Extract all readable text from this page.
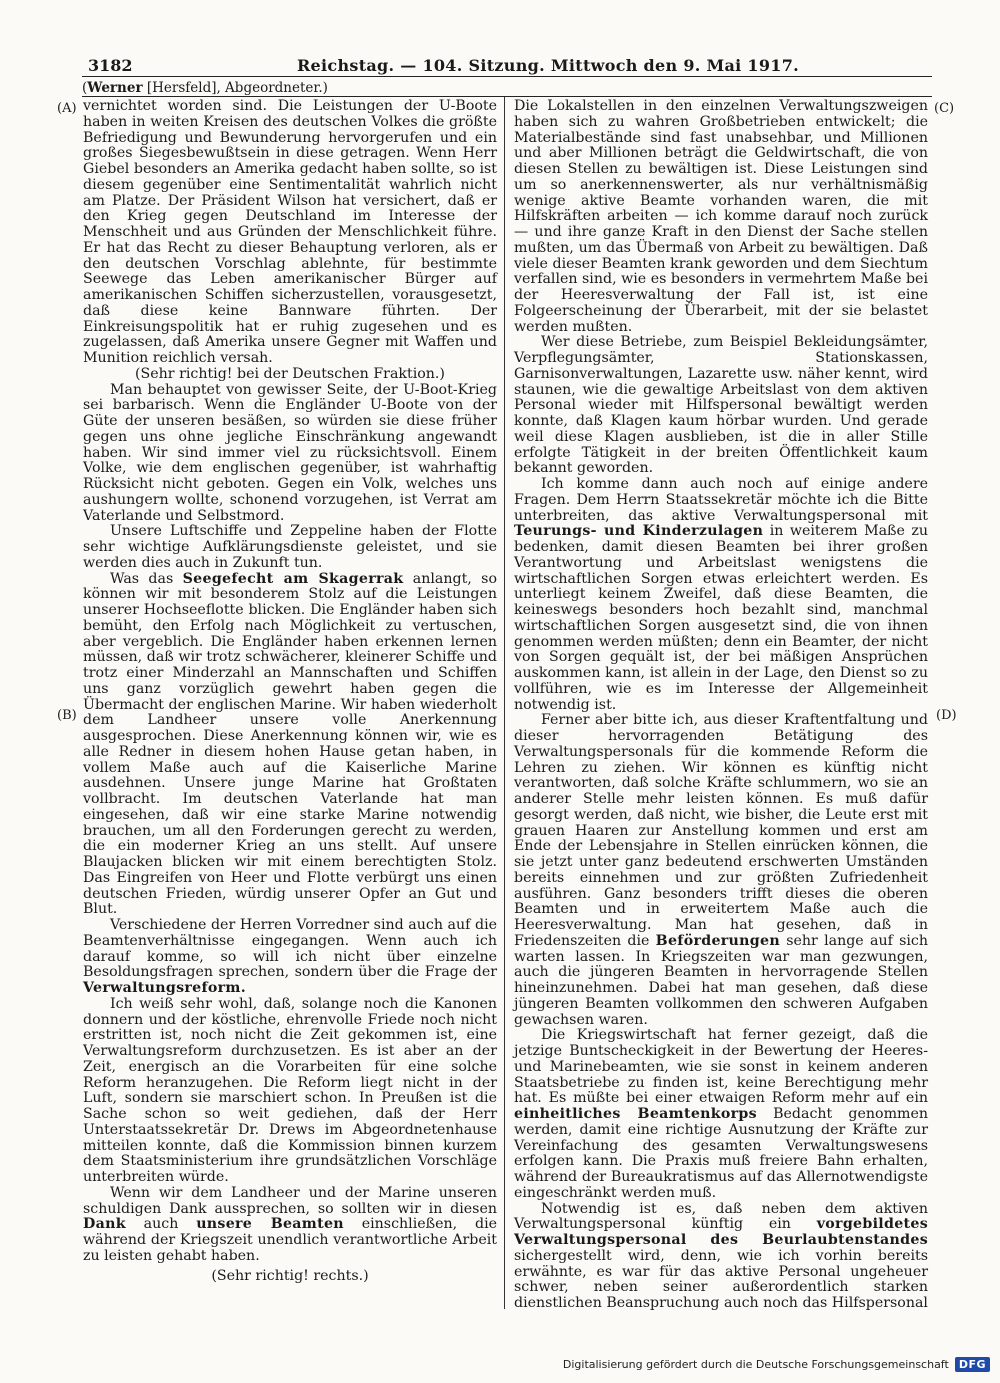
3182	Reichstag. — 104. Sitzung. Mittwoch den 9. Mai 1917.
(Werner [Hersfeld], Abgeordneter.)
(A)
(B)
(C)
(D)

vernichtet worden sind. Die Leistungen der U-Boote haben in weiten Kreisen des deutschen Volkes die größte Befriedigung und Bewunderung hervorgerufen und ein großes Siegesbewußtsein in diese getragen. Wenn Herr Giebel besonders an Amerika gedacht haben sollte, so ist diesem gegenüber eine Sentimentalität wahrlich nicht am Platze. Der Präsident Wilson hat versichert, daß er den Krieg gegen Deutschland im Interesse der Menschheit und aus Gründen der Menschlichkeit führe. Er hat das Recht zu dieser Behauptung verloren, als er den deutschen Vorschlag ablehnte, für bestimmte Seewege das Leben amerikanischer Bürger auf amerikanischen Schiffen sicherzustellen, vorausgesetzt, daß diese keine Bannware führten. Der Einkreisungspolitik hat er ruhig zugesehen und es zugelassen, daß Amerika unsere Gegner mit Waffen und Munition reichlich versah.

(Sehr richtig! bei der Deutschen Fraktion.)

Man behauptet von gewisser Seite, der U-Boot-Krieg sei barbarisch. Wenn die Engländer U-Boote von der Güte der unseren besäßen, so würden sie diese früher gegen uns ohne jegliche Einschränkung angewandt haben. Wir sind immer viel zu rücksichtsvoll. Einem Volke, wie dem englischen gegenüber, ist wahrhaftig Rücksicht nicht geboten. Gegen ein Volk, welches uns aushungern wollte, schonend vorzugehen, ist Verrat am Vaterlande und Selbstmord.

Unsere Luftschiffe und Zeppeline haben der Flotte sehr wichtige Aufklärungsdienste geleistet, und sie werden dies auch in Zukunft tun.

Was das Seegefecht am Skagerrak anlangt, so können wir mit besonderem Stolz auf die Leistungen unserer Hochseeflotte blicken. Die Engländer haben sich bemüht, den Erfolg nach Möglichkeit zu vertuschen, aber vergeblich. Die Engländer haben erkennen lernen müssen, daß wir trotz schwächerer, kleinerer Schiffe und trotz einer Minderzahl an Mannschaften und Schiffen uns ganz vorzüglich gewehrt haben gegen die Übermacht der englischen Marine. Wir haben wiederholt dem Landheer unsere volle Anerkennung ausgesprochen. Diese Anerkennung können wir, wie es alle Redner in diesem hohen Hause getan haben, in vollem Maße auch auf die Kaiserliche Marine ausdehnen. Unsere junge Marine hat Großtaten vollbracht. Im deutschen Vaterlande hat man eingesehen, daß wir eine starke Marine notwendig brauchen, um all den Forderungen gerecht zu werden, die ein moderner Krieg an uns stellt. Auf unsere Blaujacken blicken wir mit einem berechtigten Stolz. Das Eingreifen von Heer und Flotte verbürgt uns einen deutschen Frieden, würdig unserer Opfer an Gut und Blut.

Verschiedene der Herren Vorredner sind auch auf die Beamtenverhältnisse eingegangen. Wenn auch ich darauf komme, so will ich nicht über einzelne Besoldungsfragen sprechen, sondern über die Frage der Verwaltungsreform.

Ich weiß sehr wohl, daß, solange noch die Kanonen donnern und der köstliche, ehrenvolle Friede noch nicht erstritten ist, noch nicht die Zeit gekommen ist, eine Verwaltungsreform durchzusetzen. Es ist aber an der Zeit, energisch an die Vorarbeiten für eine solche Reform heranzugehen. Die Reform liegt nicht in der Luft, sondern sie marschiert schon. In Preußen ist die Sache schon so weit gediehen, daß der Herr Unterstaatssekretär Dr. Drews im Abgeordnetenhause mitteilen konnte, daß die Kommission binnen kurzem dem Staatsministerium ihre grundsätzlichen Vorschläge unterbreiten würde.

Wenn wir dem Landheer und der Marine unseren schuldigen Dank aussprechen, so sollten wir in diesen Dank auch unsere Beamten einschließen, die während der Kriegszeit unendlich verantwortliche Arbeit zu leisten gehabt haben.

(Sehr richtig! rechts.)

Die Lokalstellen in den einzelnen Verwaltungszweigen haben sich zu wahren Großbetrieben entwickelt; die Materialbestände sind fast unabsehbar, und Millionen und aber Millionen beträgt die Geldwirtschaft, die von diesen Stellen zu bewältigen ist. Diese Leistungen sind um so anerkennenswerter, als nur verhältnismäßig wenige aktive Beamte vorhanden waren, die mit Hilfskräften arbeiten — ich komme darauf noch zurück — und ihre ganze Kraft in den Dienst der Sache stellen mußten, um das Übermaß von Arbeit zu bewältigen. Daß viele dieser Beamten krank geworden und dem Siechtum verfallen sind, wie es besonders in vermehrtem Maße bei der Heeresverwaltung der Fall ist, ist eine Folgeerscheinung der Überarbeit, mit der sie belastet werden mußten.

Wer diese Betriebe, zum Beispiel Bekleidungsämter, Verpflegungsämter, Stationskassen, Garnisonverwaltungen, Lazarette usw. näher kennt, wird staunen, wie die gewaltige Arbeitslast von dem aktiven Personal wieder mit Hilfspersonal bewältigt werden konnte, daß Klagen kaum hörbar wurden. Und gerade weil diese Klagen ausblieben, ist die in aller Stille erfolgte Tätigkeit in der breiten Öffentlichkeit kaum bekannt geworden.

Ich komme dann auch noch auf einige andere Fragen. Dem Herrn Staatssekretär möchte ich die Bitte unterbreiten, das aktive Verwaltungspersonal mit Teurungs- und Kinderzulagen in weiterem Maße zu bedenken, damit diesen Beamten bei ihrer großen Verantwortung und Arbeitslast wenigstens die wirtschaftlichen Sorgen etwas erleichtert werden. Es unterliegt keinem Zweifel, daß diese Beamten, die keineswegs besonders hoch bezahlt sind, manchmal wirtschaftlichen Sorgen ausgesetzt sind, die von ihnen genommen werden müßten; denn ein Beamter, der nicht von Sorgen gequält ist, der bei mäßigen Ansprüchen auskommen kann, ist allein in der Lage, den Dienst so zu vollführen, wie es im Interesse der Allgemeinheit notwendig ist.

Ferner aber bitte ich, aus dieser Kraftentfaltung und dieser hervorragenden Betätigung des Verwaltungspersonals für die kommende Reform die Lehren zu ziehen. Wir können es künftig nicht verantworten, daß solche Kräfte schlummern, wo sie an anderer Stelle mehr leisten können. Es muß dafür gesorgt werden, daß nicht, wie bisher, die Leute erst mit grauen Haaren zur Anstellung kommen und erst am Ende der Lebensjahre in Stellen einrücken können, die sie jetzt unter ganz bedeutend erschwerten Umständen bereits einnehmen und zur größten Zufriedenheit ausführen. Ganz besonders trifft dieses die oberen Beamten und in erweitertem Maße auch die Heeresverwaltung. Man hat gesehen, daß in Friedenszeiten die Beförderungen sehr lange auf sich warten lassen. In Kriegszeiten war man gezwungen, auch die jüngeren Beamten in hervorragende Stellen hineinzunehmen. Dabei hat man gesehen, daß diese jüngeren Beamten vollkommen den schweren Aufgaben gewachsen waren.

Die Kriegswirtschaft hat ferner gezeigt, daß die jetzige Buntscheckigkeit in der Bewertung der Heeres- und Marinebeamten, wie sie sonst in keinem anderen Staatsbetriebe zu finden ist, keine Berechtigung mehr hat. Es müßte bei einer etwaigen Reform mehr auf ein einheitliches Beamtenkorps Bedacht genommen werden, damit eine richtige Ausnutzung der Kräfte zur Vereinfachung des gesamten Verwaltungswesens erfolgen kann. Die Praxis muß freiere Bahn erhalten, während der Bureaukratismus auf das Allernotwendigste eingeschränkt werden muß.

Notwendig ist es, daß neben dem aktiven Verwaltungspersonal künftig ein vorgebildetes Verwaltungspersonal des Beurlaubtenstandes sichergestellt wird, denn, wie ich vorhin bereits erwähnte, es war für das aktive Personal ungeheuer schwer, neben seiner außerordentlich starken dienstlichen Beanspruchung auch noch das Hilfspersonal

Digitalisierung gefördert durch die Deutsche Forschungsgemeinschaft DFG
